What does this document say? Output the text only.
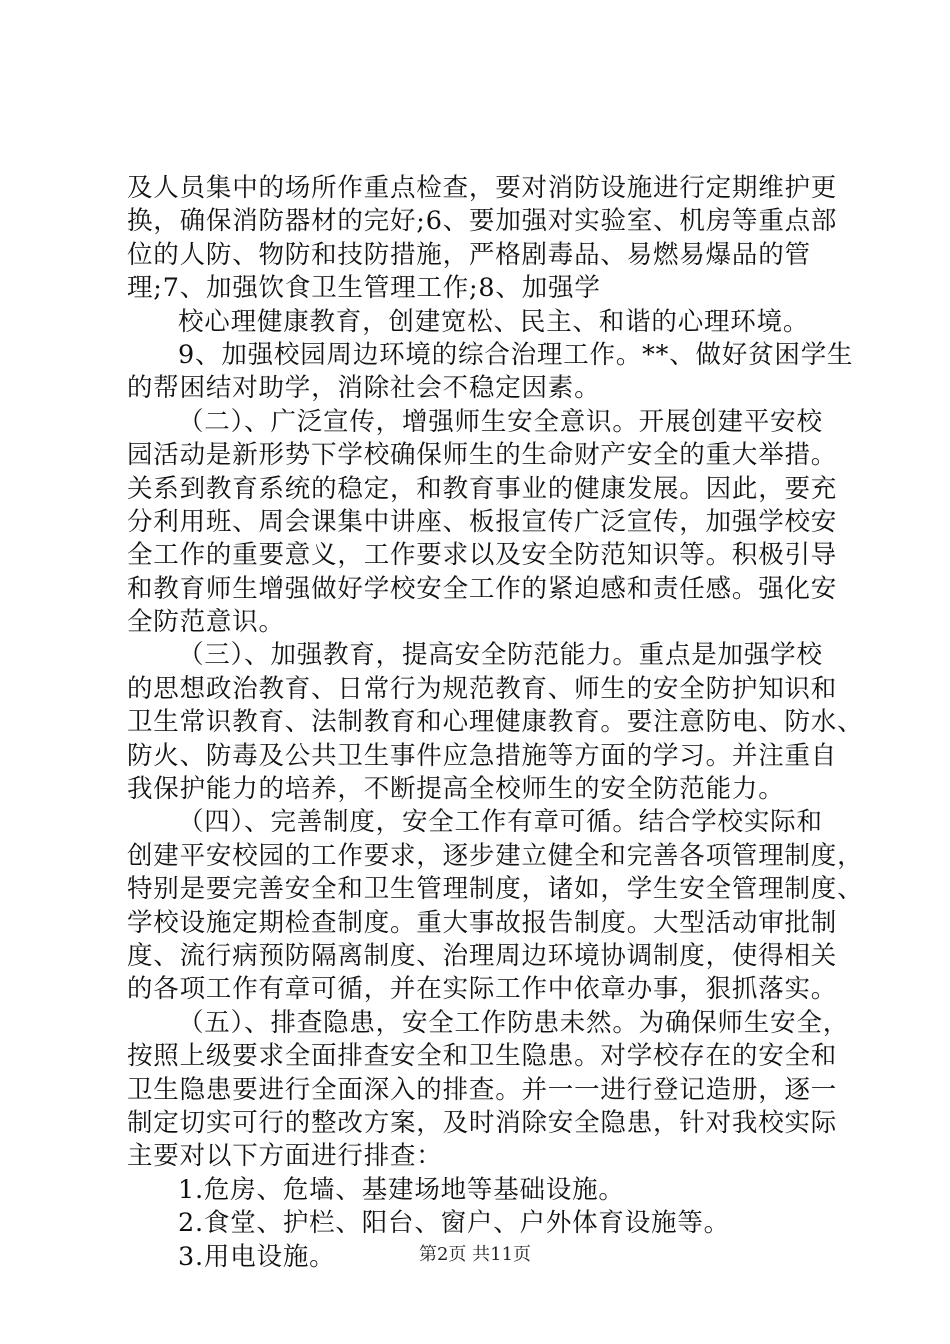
及人员集中的场所作重点检查，要对消防设施进行定期维护更
换，确保消防器材的完好;6、要加强对实验室、机房等重点部
位的人防、物防和技防措施，严格剧毒品、易燃易爆品的管
理;7、加强饮食卫生管理工作;8、加强学
校心理健康教育，创建宽松、民主、和谐的心理环境。
9、加强校园周边环境的综合治理工作。**、做好贫困学生
的帮困结对助学，消除社会不稳定因素。
（二）、广泛宣传，增强师生安全意识。开展创建平安校
园活动是新形势下学校确保师生的生命财产安全的重大举措。
关系到教育系统的稳定，和教育事业的健康发展。因此，要充
分利用班、周会课集中讲座、板报宣传广泛宣传，加强学校安
全工作的重要意义，工作要求以及安全防范知识等。积极引导
和教育师生增强做好学校安全工作的紧迫感和责任感。强化安
全防范意识。
（三）、加强教育，提高安全防范能力。重点是加强学校
的思想政治教育、日常行为规范教育、师生的安全防护知识和
卫生常识教育、法制教育和心理健康教育。要注意防电、防水、
防火、防毒及公共卫生事件应急措施等方面的学习。并注重自
我保护能力的培养，不断提高全校师生的安全防范能力。
（四）、完善制度，安全工作有章可循。结合学校实际和
创建平安校园的工作要求，逐步建立健全和完善各项管理制度，
特别是要完善安全和卫生管理制度，诸如，学生安全管理制度、
学校设施定期检查制度。重大事故报告制度。大型活动审批制
度、流行病预防隔离制度、治理周边环境协调制度，使得相关
的各项工作有章可循，并在实际工作中依章办事，狠抓落实。
（五）、排查隐患，安全工作防患未然。为确保师生安全，
按照上级要求全面排查安全和卫生隐患。对学校存在的安全和
卫生隐患要进行全面深入的排查。并一一进行登记造册，逐一
制定切实可行的整改方案，及时消除安全隐患，针对我校实际
主要对以下方面进行排查：
1.危房、危墙、基建场地等基础设施。
2.食堂、护栏、阳台、窗户、户外体育设施等。
3.用电设施。	第2页 共11页
